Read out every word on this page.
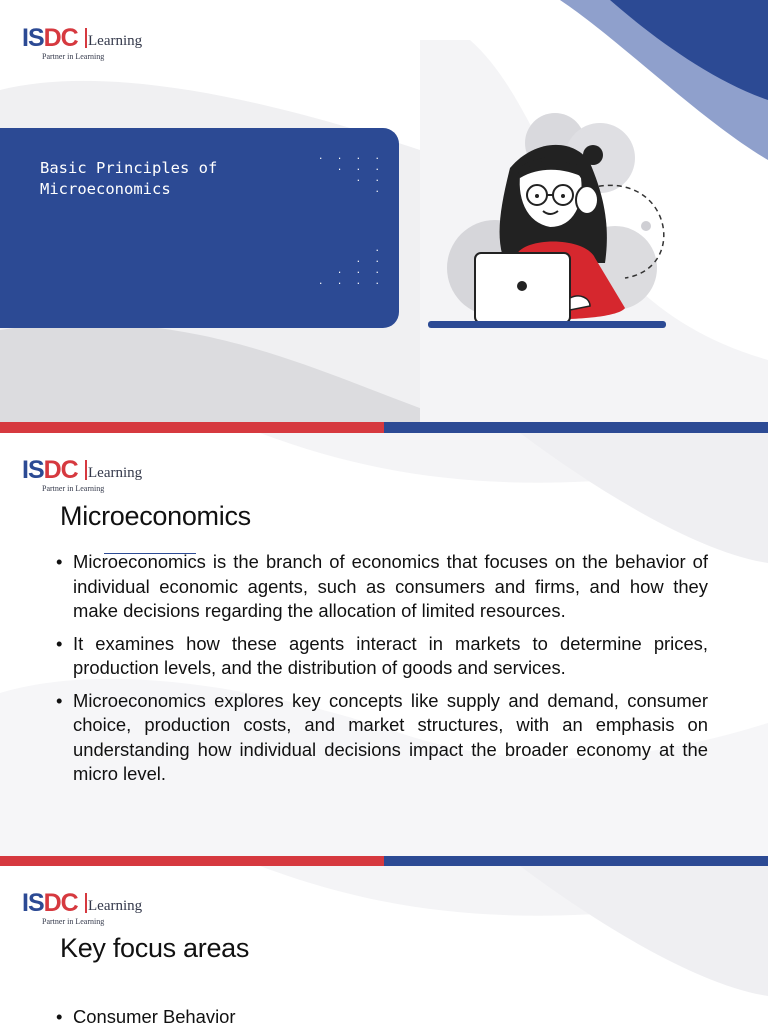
ISDC Learning
Partner in Learning
Basic Principles of
Microeconomics
. . . .
. . .
. .
.
.
. .
. . .
. . . .
ISDC Learning
Partner in Learning
Microeconomics
• Microeconomics is the branch of economics that focuses on the behavior of individual economic agents, such as consumers and firms, and how they make decisions regarding the allocation of limited resources.
• It examines how these agents interact in markets to determine prices, production levels, and the distribution of goods and services.
• Microeconomics explores key concepts like supply and demand, consumer choice, production costs, and market structures, with an emphasis on understanding how individual decisions impact the broader economy at the micro level.
ISDC Learning
Partner in Learning
Key focus areas
• Consumer Behavior
